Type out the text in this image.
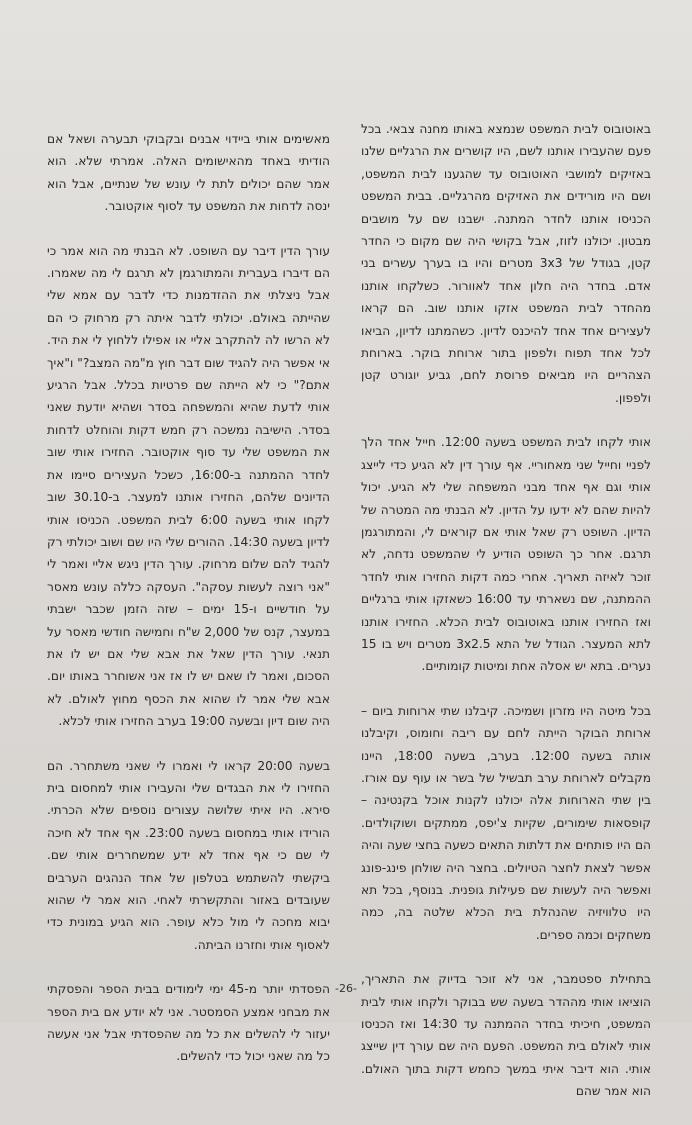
באוטובוס לבית המשפט שנמצא באותו מחנה צבאי. בכל פעם שהעבירו אותנו לשם, היו קושרים את הרגליים שלנו באזיקים למושבי האוטובוס עד שהגענו לבית המשפט, ושם היו מורידים את האזיקים מהרגליים. בבית המשפט הכניסו אותנו לחדר המתנה. ישבנו שם על מושבים מבטון. יכולנו לזוז, אבל בקושי היה שם מקום כי החדר קטן, בגודל של 3x3 מטרים והיו בו בערך עשרים בני אדם. בחדר היה חלון אחד לאוורור. כשלקחו אותנו מהחדר לבית המשפט אזקו אותנו שוב. הם קראו לעצירים אחד אחד להיכנס לדיון. כשהמתנו לדיון, הביאו לכל אחד תפוח ולפפון בתור ארוחת בוקר. בארוחת הצהריים היו מביאים פרוסת לחם, גביע יוגורט קטן ולפפון.

אותי לקחו לבית המשפט בשעה 12:00. חייל אחד הלך לפניי וחייל שני מאחוריי. אף עורך דין לא הגיע כדי לייצג אותי וגם אף אחד מבני המשפחה שלי לא הגיע. יכול להיות שהם לא ידעו על הדיון. לא הבנתי מה המטרה של הדיון. השופט רק שאל אותי אם קוראים לי, והמתורגמן תרגם. אחר כך השופט הודיע לי שהמשפט נדחה, לא זוכר לאיזה תאריך. אחרי כמה דקות החזירו אותי לחדר ההמתנה, שם נשארתי עד 16:00 כשאזקו אותי ברגליים ואז החזירו אותנו באוטובוס לבית הכלא. החזירו אותנו לתא המעצר. הגודל של התא 3x2.5 מטרים ויש בו 15 נערים. בתא יש אסלה אחת ומיטות קומותיים.

בכל מיטה היו מזרון ושמיכה. קיבלנו שתי ארוחות ביום – ארוחת הבוקר הייתה לחם עם ריבה וחומוס, וקיבלנו אותה בשעה 12:00. בערב, בשעה 18:00, היינו מקבלים לארוחת ערב תבשיל של בשר או עוף עם אורז. בין שתי הארוחות אלה יכולנו לקנות אוכל בקנטינה – קופסאות שימורים, שקיות צ'יפס, ממתקים ושוקולדים. הם היו פותחים את דלתות התאים כשעה בחצי שעה והיה אפשר לצאת לחצר הטיולים. בחצר היה שולחן פינג-פונג ואפשר היה לעשות שם פעילות גופנית. בנוסף, בכל תא היו טלוויזיה שהנהלת בית הכלא שלטה בה, כמה משחקים וכמה ספרים.

בתחילת ספטמבר, אני לא זוכר בדיוק את התאריך, הוציאו אותי מההדר בשעה שש בבוקר ולקחו אותי לבית המשפט, חיכיתי בחדר ההמתנה עד 14:30 ואז הכניסו אותי לאולם בית המשפט. הפעם היה שם עורך דין שייצג אותי. הוא דיבר איתי במשך כחמש דקות בתוך האולם. הוא אמר שהם

מאשימים אותי ביידוי אבנים ובקבוקי תבערה ושאל אם הודיתי באחד מהאישומים האלה. אמרתי שלא. הוא אמר שהם יכולים לתת לי עונש של שנתיים, אבל הוא ינסה לדחות את המשפט עד לסוף אוקטובר.

עורך הדין דיבר עם השופט. לא הבנתי מה הוא אמר כי הם דיברו בעברית והמתורגמן לא תרגם לי מה שאמרו. אבל ניצלתי את ההזדמנות כדי לדבר עם אמא שלי שהייתה באולם. יכולתי לדבר איתה רק מרחוק כי הם לא הרשו לה להתקרב אליי או אפילו ללחוץ לי את היד. אי אפשר היה להגיד שום דבר חוץ מ"מה המצב?" ו"איך אתם?" כי לא הייתה שם פרטיות בכלל. אבל הרגיע אותי לדעת שהיא והמשפחה בסדר ושהיא יודעת שאני בסדר. הישיבה נמשכה רק חמש דקות והוחלט לדחות את המשפט שלי עד סוף אוקטובר. החזירו אותי שוב לחדר ההמתנה ב-16:00, כשכל העצירים סיימו את הדיונים שלהם, החזירו אותנו למעצר. ב-30.10 שוב לקחו אותי בשעה 6:00 לבית המשפט. הכניסו אותי לדיון בשעה 14:30. ההורים שלי היו שם ושוב יכולתי רק להגיד להם שלום מרחוק. עורך הדין ניגש אליי ואמר לי "אני רוצה לעשות עסקה". העסקה כללה עונש מאסר על חודשיים ו-15 ימים – שזה הזמן שכבר ישבתי במעצר, קנס של 2,000 ש"ח וחמישה חודשי מאסר על תנאי. עורך הדין שאל את אבא שלי אם יש לו את הסכום, ואמר לו שאם יש לו אז אני אשוחרר באותו יום. אבא שלי אמר לו שהוא את הכסף מחוץ לאולם. לא היה שום דיון ובשעה 19:00 בערב החזירו אותי לכלא.

בשעה 20:00 קראו לי ואמרו לי שאני משתחרר. הם החזירו לי את הבגדים שלי והעבירו אותי למחסום בית סירא. היו איתי שלושה עצורים נוספים שלא הכרתי. הורידו אותי במחסום בשעה 23:00. אף אחד לא חיכה לי שם כי אף אחד לא ידע שמשחררים אותי שם. ביקשתי להשתמש בטלפון של אחד הנהגים הערבים שעובדים באזור והתקשרתי לאחי. הוא אמר לי שהוא יבוא מחכה לי מול כלא עופר. הוא הגיע במונית כדי לאסוף אותי וחזרנו הביתה.

הפסדתי יותר מ-45 ימי לימודים בבית הספר והפסקתי את מבחני אמצע הסמסטר. אני לא יודע אם בית הספר יעזור לי להשלים את כל מה שהפסדתי אבל אני אעשה כל מה שאני יכול כדי להשלים.

-26-
